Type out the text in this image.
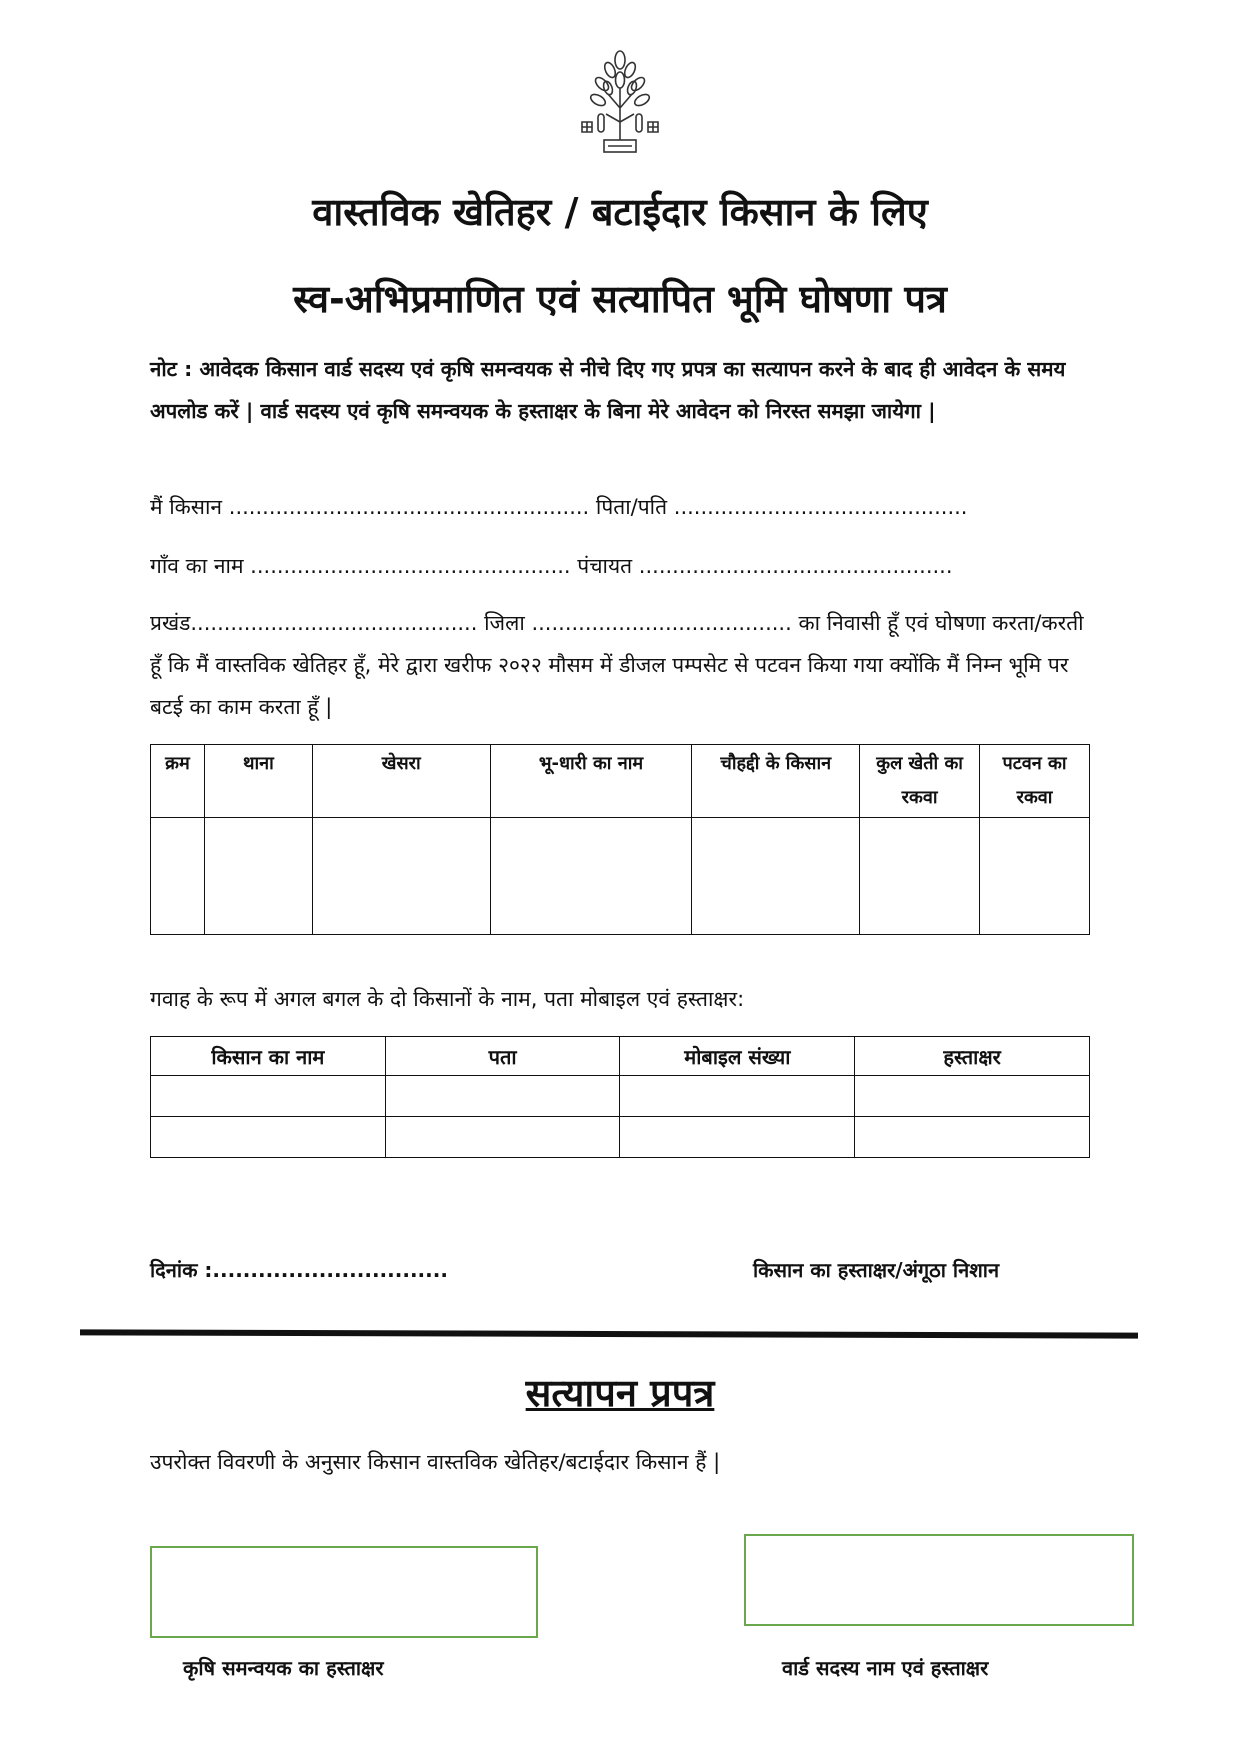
वास्तविक खेतिहर / बटाईदार किसान के लिए
स्व-अभिप्रमाणित एवं सत्यापित भूमि घोषणा पत्र

नोट : आवेदक किसान वार्ड सदस्य एवं कृषि समन्वयक से नीचे दिए गए प्रपत्र का सत्यापन करने के बाद ही आवेदन के समय अपलोड करें | वार्ड सदस्य एवं कृषि समन्वयक के हस्ताक्षर के बिना मेरे आवेदन को निरस्त समझा जायेगा |

मैं किसान ...................................................... पिता/पति ............................................

गाँव का नाम ................................................ पंचायत ...............................................

प्रखंड........................................... जिला ....................................... का निवासी हूँ एवं घोषणा करता/करती हूँ कि मैं वास्तविक खेतिहर हूँ, मेरे द्वारा खरीफ २०२२ मौसम में डीजल पम्पसेट से पटवन किया गया क्योंकि मैं निम्न भूमि पर बटई का काम करता हूँ |

क्रम	थाना	खेसरा	भू-धारी का नाम	चौहद्दी के किसान	कुल खेती का रकवा	पटवन का रकवा

गवाह के रूप में अगल बगल के दो किसानों के नाम, पता मोबाइल एवं हस्ताक्षर:

किसान का नाम	पता	मोबाइल संख्या	हस्ताक्षर

दिनांक :...............................	किसान का हस्ताक्षर/अंगूठा निशान

सत्यापन प्रपत्र

उपरोक्त विवरणी के अनुसार किसान वास्तविक खेतिहर/बटाईदार किसान हैं |

कृषि समन्वयक का हस्ताक्षर	वार्ड सदस्य नाम एवं हस्ताक्षर
